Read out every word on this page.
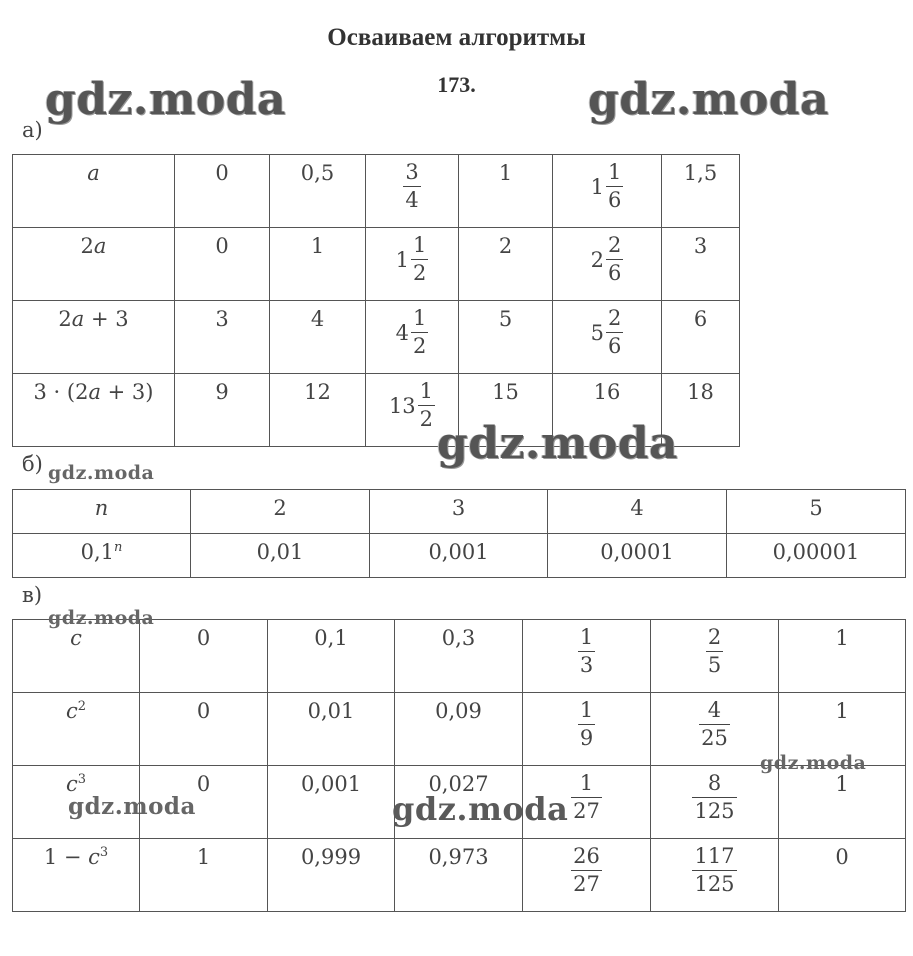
Осваиваем алгоритмы
173.
а)
a	0	0,5	$\frac{3}{4}$	1	$1 \frac{1}{6}$	1,5
2a	0	1	$1 \frac{1}{2}$	2	$2 \frac{2}{6}$	3
2a + 3	3	4	$4 \frac{1}{2}$	5	$5 \frac{2}{6}$	6
3 · (2a + 3)	9	12	$13 \frac{1}{2}$	15	16	18
б)
n	2	3	4	5
0,1$^n$	0,01	0,001	0,0001	0,00001
в)
c	0	0,1	0,3	$\frac{1}{3}$	$\frac{2}{5}$	1
$c^2$	0	0,01	0,09	$\frac{1}{9}$	$\frac{4}{25}$	1
$c^3$	0	0,001	0,027	$\frac{1}{27}$	$\frac{8}{125}$	1
$1 - c^3$	1	0,999	0,973	$\frac{26}{27}$	$\frac{117}{125}$	0
gdz.moda	gdz.moda
gdz.moda
gdz.moda
gdz.moda
gdz.moda
gdz.moda	gdz.moda
